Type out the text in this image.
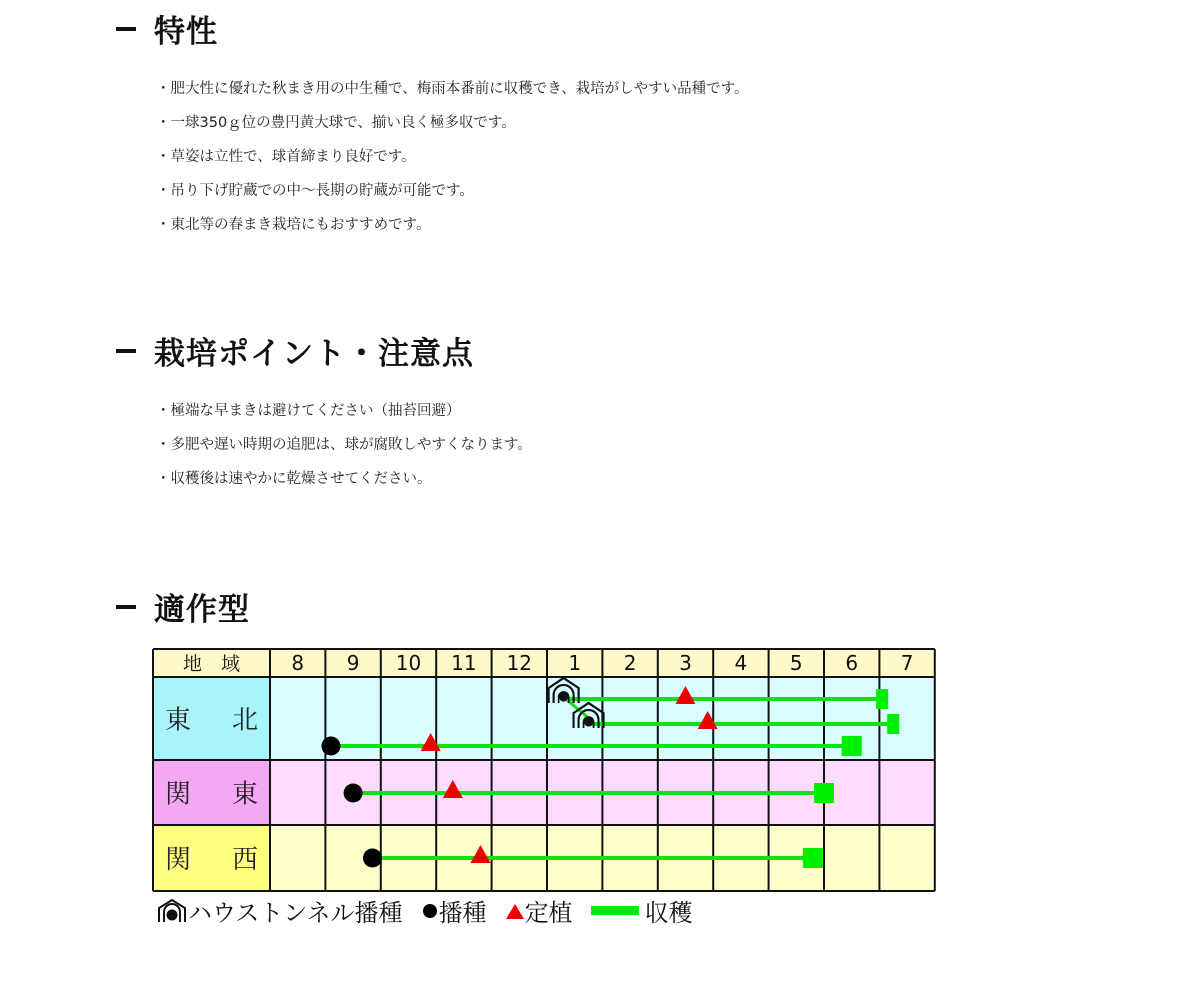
特性
・ 肥大性に優れた秋まき用の中生種で、梅雨本番前に収穫でき、栽培がしやすい品種です。
・ 一球350ｇ位の豊円黄大球で、揃い良く極多収です。
・ 草姿は立性で、球首締まり良好です。
・ 吊り下げ貯蔵での中～長期の貯蔵が可能です。
・ 東北等の春まき栽培にもおすすめです。
栽培ポイント・注意点
・ 極端な早まきは避けてください（抽苔回避）
・ 多肥や遅い時期の追肥は、球が腐敗しやすくなります。
・ 収穫後は速やかに乾燥させてください。
適作型
地　域	8 9 10 11 12 1 2 3 4 5 6 7
東 北
関 東
関 西
ハウストンネル播種 播種 定植	収穫
